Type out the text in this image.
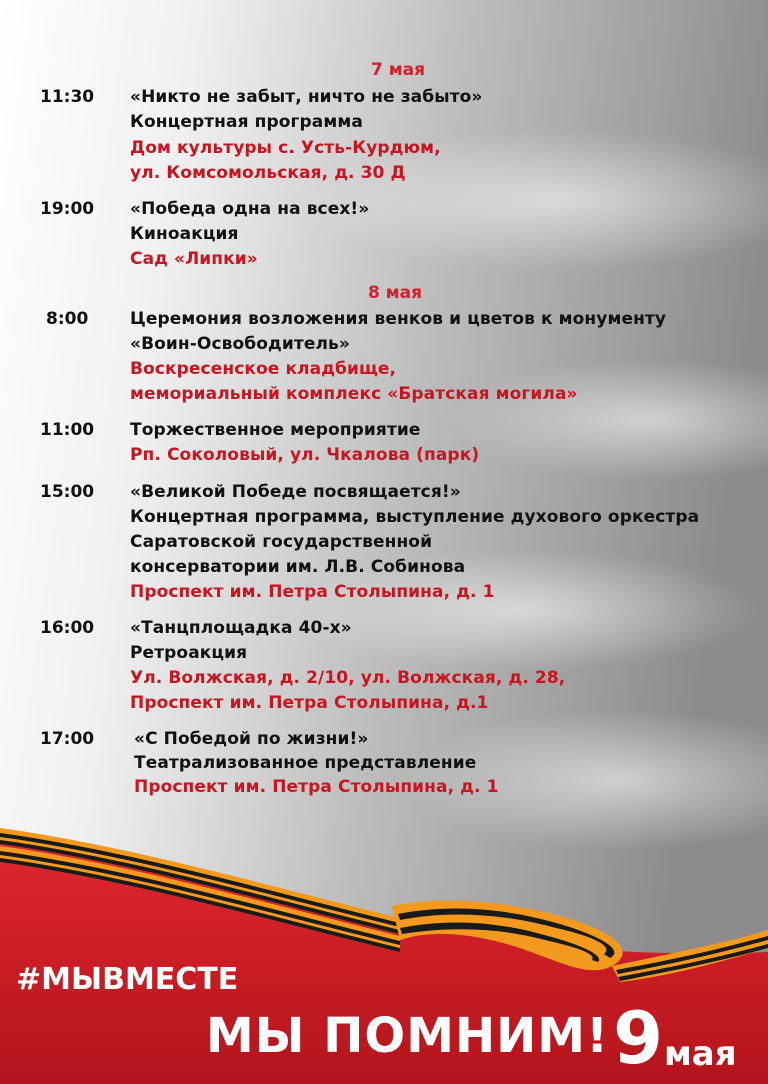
7 мая
11:30 «Никто не забыт, ничто не забыто»
Концертная программа
Дом культуры с. Усть-Курдюм,
ул. Комсомольская, д. 30 Д
19:00 «Победа одна на всех!»
Киноакция
Сад «Липки»
8 мая
8:00 Церемония возложения венков и цветов к монументу
«Воин-Освободитель»
Воскресенское кладбище,
мемориальный комплекс «Братская могила»
11:00 Торжественное мероприятие
Рп. Соколовый, ул. Чкалова (парк)
15:00 «Великой Победе посвящается!»
Концертная программа, выступление духового оркестра
Саратовской государственной
консерватории им. Л.В. Собинова
Проспект им. Петра Столыпина, д. 1
16:00 «Танцплощадка 40-х»
Ретроакция
Ул. Волжская, д. 2/10, ул. Волжская, д. 28,
Проспект им. Петра Столыпина, д.1
17:00 «С Победой по жизни!»
Театрализованное представление
Проспект им. Петра Столыпина, д. 1
#МЫВМЕСТЕ
МЫ ПОМНИМ! 9 мая
